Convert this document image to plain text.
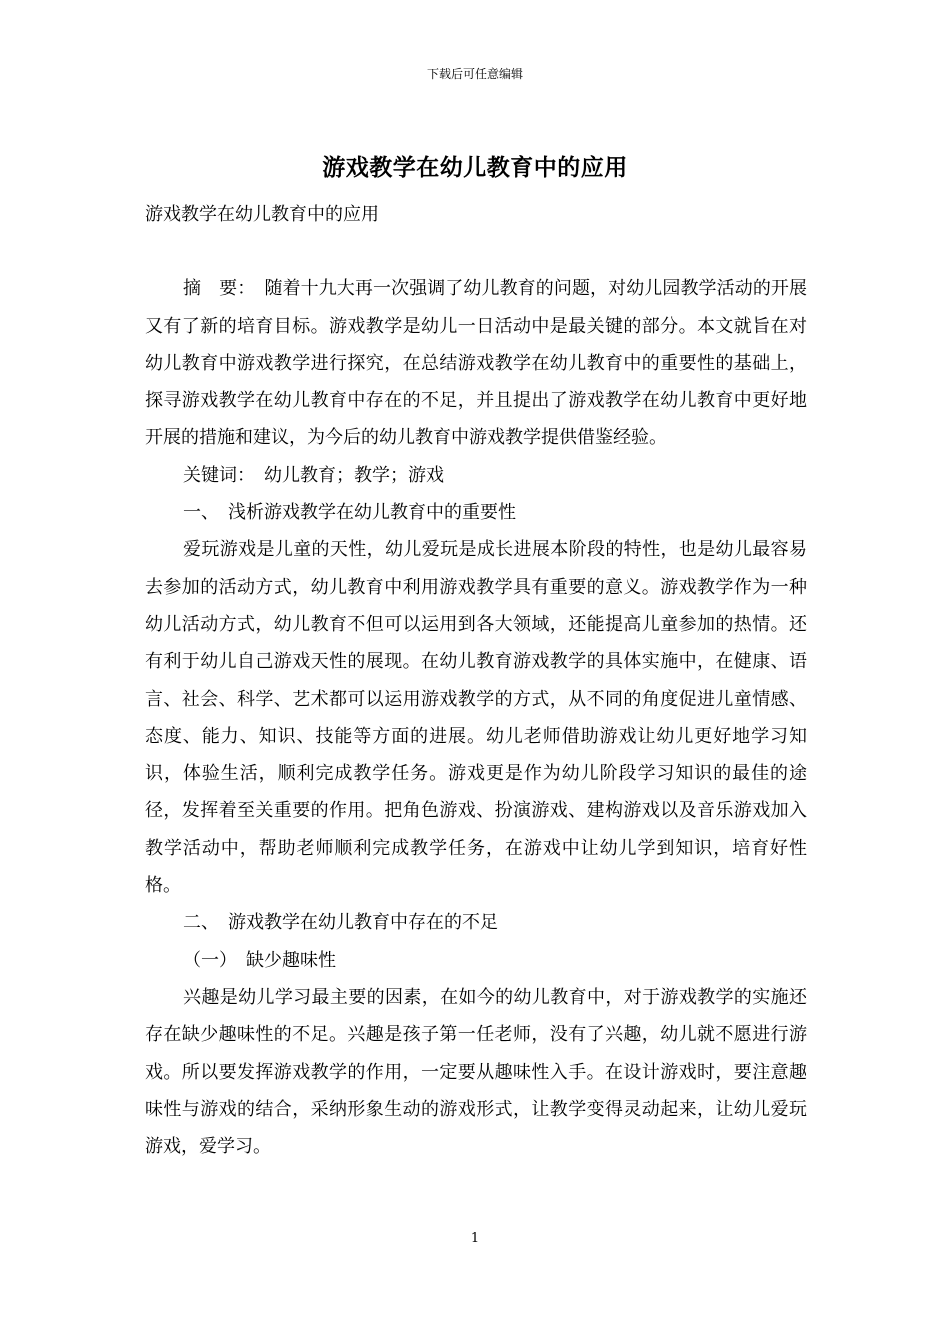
下载后可任意编辑
游戏教学在幼儿教育中的应用

游戏教学在幼儿教育中的应用

摘　要：　随着十九大再一次强调了幼儿教育的问题，对幼儿园教学活动的开展又有了新的培育目标。游戏教学是幼儿一日活动中是最关键的部分。本文就旨在对幼儿教育中游戏教学进行探究，在总结游戏教学在幼儿教育中的重要性的基础上，探寻游戏教学在幼儿教育中存在的不足，并且提出了游戏教学在幼儿教育中更好地开展的措施和建议，为今后的幼儿教育中游戏教学提供借鉴经验。

关键词：　幼儿教育；教学；游戏

一、　浅析游戏教学在幼儿教育中的重要性

爱玩游戏是儿童的天性，幼儿爱玩是成长进展本阶段的特性，也是幼儿最容易去参加的活动方式，幼儿教育中利用游戏教学具有重要的意义。游戏教学作为一种幼儿活动方式，幼儿教育不但可以运用到各大领域，还能提高儿童参加的热情。还有利于幼儿自己游戏天性的展现。在幼儿教育游戏教学的具体实施中，在健康、语言、社会、科学、艺术都可以运用游戏教学的方式，从不同的角度促进儿童情感、态度、能力、知识、技能等方面的进展。幼儿老师借助游戏让幼儿更好地学习知识，体验生活，顺利完成教学任务。游戏更是作为幼儿阶段学习知识的最佳的途径，发挥着至关重要的作用。把角色游戏、扮演游戏、建构游戏以及音乐游戏加入教学活动中，帮助老师顺利完成教学任务，在游戏中让幼儿学到知识，培育好性格。

二、　游戏教学在幼儿教育中存在的不足

（一）　缺少趣味性

兴趣是幼儿学习最主要的因素，在如今的幼儿教育中，对于游戏教学的实施还存在缺少趣味性的不足。兴趣是孩子第一任老师，没有了兴趣，幼儿就不愿进行游戏。所以要发挥游戏教学的作用，一定要从趣味性入手。在设计游戏时，要注意趣味性与游戏的结合，采纳形象生动的游戏形式，让教学变得灵动起来，让幼儿爱玩游戏，爱学习。

1
